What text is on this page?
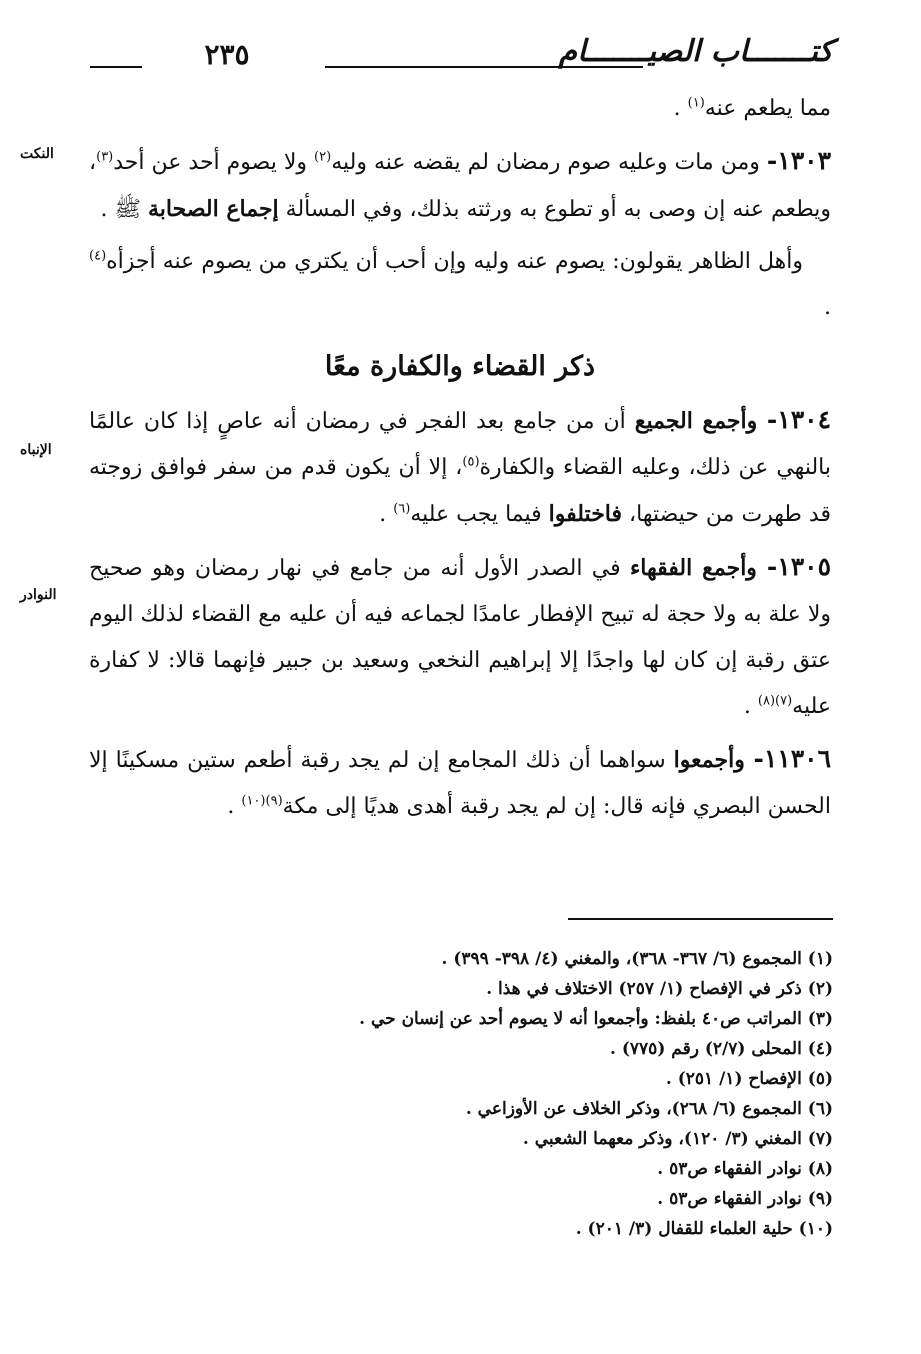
٢٣٥	كتـــــــاب الصيـــــــام
النكت
الإنباه
النوادر

مما يطعم عنه$^{(١)}$ .

١٣٠٣- ومن مات وعليه صوم رمضان لم يقضه عنه وليه$^{(٢)}$ ولا يصوم أحد عن أحد$^{(٣)}$، ويطعم عنه إن وصى به أو تطوع به ورثته بذلك، وفي المسألة إجماع الصحابة ﷺ .

وأهل الظاهر يقولون: يصوم عنه وليه وإن أحب أن يكتري من يصوم عنه أجزأه$^{(٤)}$ .

ذكر القضاء والكفارة معًا

١٣٠٤- وأجمع الجميع أن من جامع بعد الفجر في رمضان أنه عاصٍ إذا كان عالمًا بالنهي عن ذلك، وعليه القضاء والكفارة$^{(٥)}$، إلا أن يكون قدم من سفر فوافق زوجته قد طهرت من حيضتها، فاختلفوا فيما يجب عليه$^{(٦)}$ .

١٣٠٥- وأجمع الفقهاء في الصدر الأول أنه من جامع في نهار رمضان وهو صحيح ولا علة به ولا حجة له تبيح الإفطار عامدًا لجماعه فيه أن عليه مع القضاء لذلك اليوم عتق رقبة إن كان لها واجدًا إلا إبراهيم النخعي وسعيد بن جبير فإنهما قالا: لا كفارة عليه$^{(٧)(٨)}$ .

١١٣٠٦- وأجمعوا سواهما أن ذلك المجامع إن لم يجد رقبة أطعم ستين مسكينًا إلا الحسن البصري فإنه قال: إن لم يجد رقبة أهدى هديًا إلى مكة$^{(٩)(١٠)}$ .

(١) المجموع (٦/ ٣٦٧- ٣٦٨)، والمغني (٤/ ٣٩٨- ٣٩٩) .

(٢) ذكر في الإفصاح (١/ ٢٥٧) الاختلاف في هذا .

(٣) المراتب ص٤٠ بلفظ: وأجمعوا أنه لا يصوم أحد عن إنسان حي .

(٤) المحلى (٢/٧) رقم (٧٧٥) .

(٥) الإفصاح (١/ ٢٥١) .

(٦) المجموع (٦/ ٢٦٨)، وذكر الخلاف عن الأوزاعي .

(٧) المغني (٣/ ١٢٠)، وذكر معهما الشعبي .

(٨) نوادر الفقهاء ص٥٣ .

(٩) نوادر الفقهاء ص٥٣ .

(١٠) حلية العلماء للقفال (٣/ ٢٠١) .
